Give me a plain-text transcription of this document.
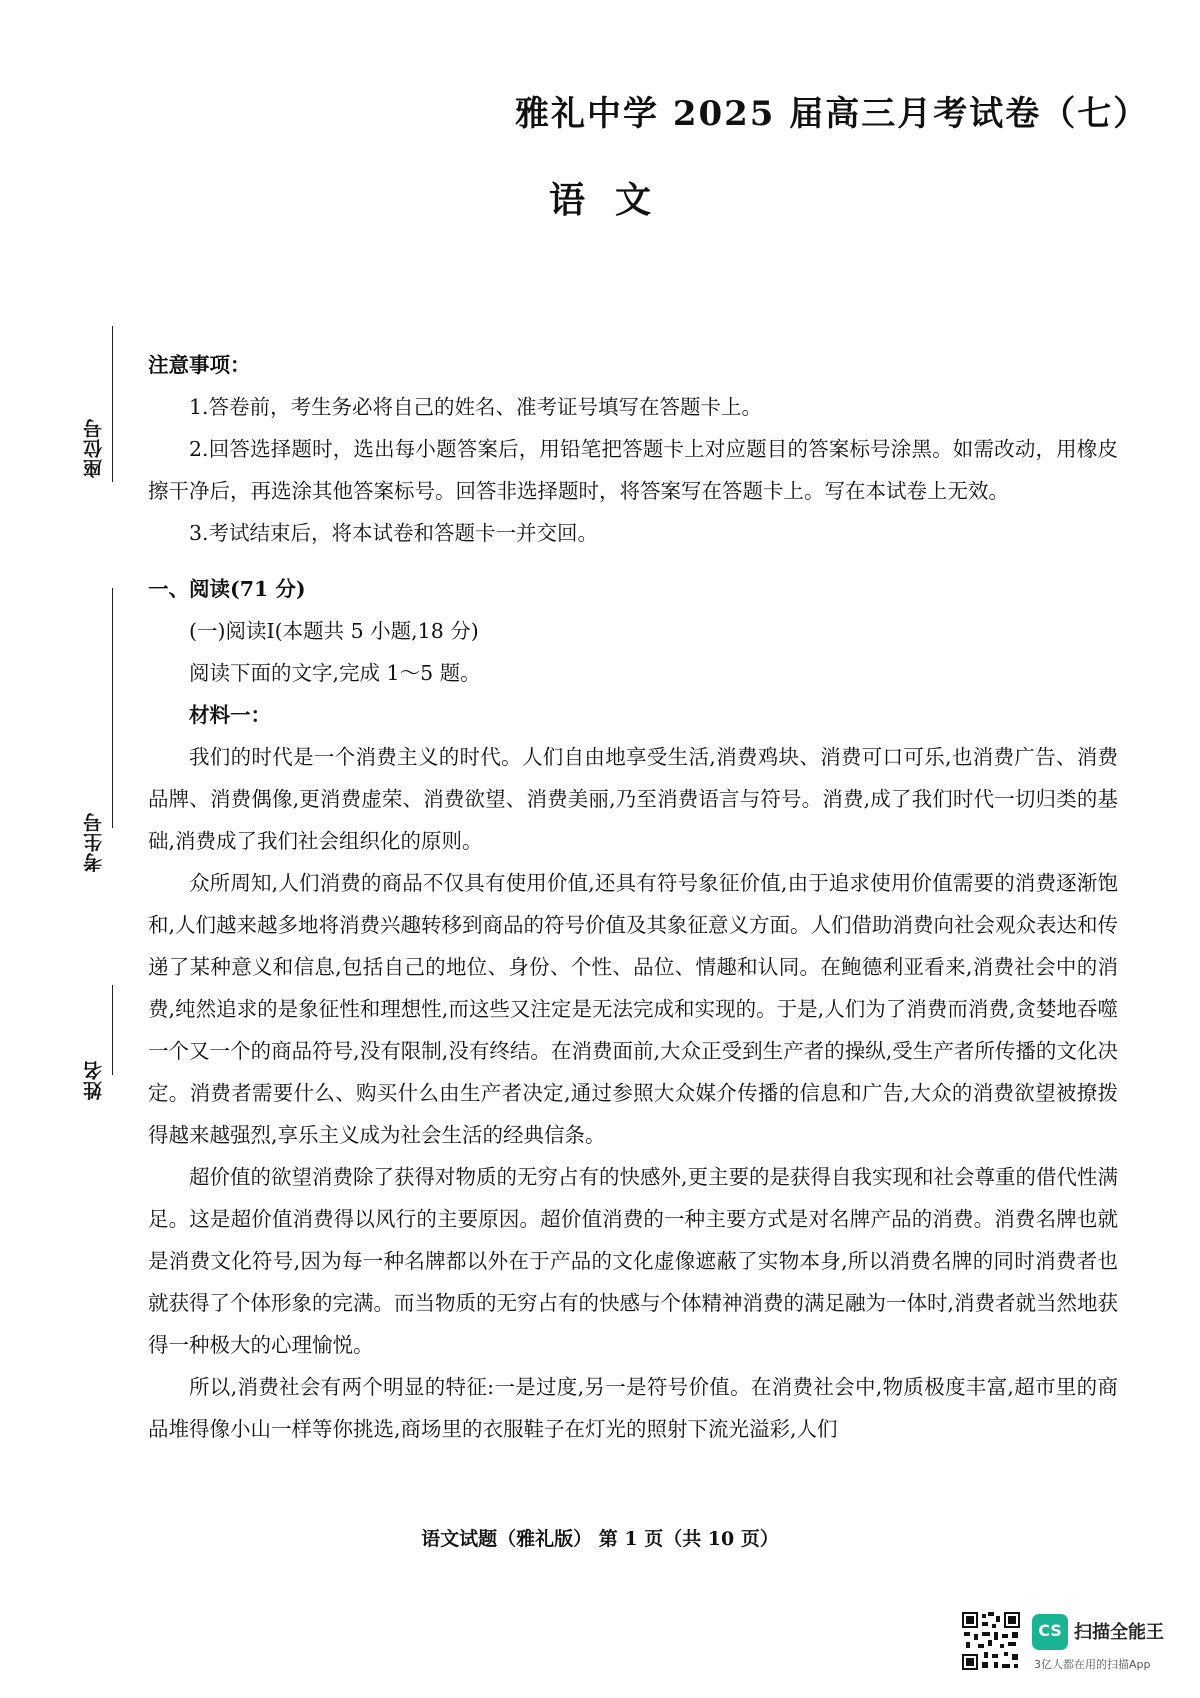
雅礼中学 2025 届高三月考试卷（七）
语文
座位号
考生号
姓名

注意事项：

1.答卷前，考生务必将自己的姓名、准考证号填写在答题卡上。

2.回答选择题时，选出每小题答案后，用铅笔把答题卡上对应题目的答案标号涂黑。如需改动，用橡皮擦干净后，再选涂其他答案标号。回答非选择题时，将答案写在答题卡上。写在本试卷上无效。

3.考试结束后，将本试卷和答题卡一并交回。

一、阅读(71 分)

(一)阅读Ⅰ(本题共 5 小题,18 分)

阅读下面的文字,完成 1～5 题。

材料一：

我们的时代是一个消费主义的时代。人们自由地享受生活,消费鸡块、消费可口可乐,也消费广告、消费品牌、消费偶像,更消费虚荣、消费欲望、消费美丽,乃至消费语言与符号。消费,成了我们时代一切归类的基础,消费成了我们社会组织化的原则。

众所周知,人们消费的商品不仅具有使用价值,还具有符号象征价值,由于追求使用价值需要的消费逐渐饱和,人们越来越多地将消费兴趣转移到商品的符号价值及其象征意义方面。人们借助消费向社会观众表达和传递了某种意义和信息,包括自己的地位、身份、个性、品位、情趣和认同。在鲍德利亚看来,消费社会中的消费,纯然追求的是象征性和理想性,而这些又注定是无法完成和实现的。于是,人们为了消费而消费,贪婪地吞噬一个又一个的商品符号,没有限制,没有终结。在消费面前,大众正受到生产者的操纵,受生产者所传播的文化决定。消费者需要什么、购买什么由生产者决定,通过参照大众媒介传播的信息和广告,大众的消费欲望被撩拨得越来越强烈,享乐主义成为社会生活的经典信条。

超价值的欲望消费除了获得对物质的无穷占有的快感外,更主要的是获得自我实现和社会尊重的借代性满足。这是超价值消费得以风行的主要原因。超价值消费的一种主要方式是对名牌产品的消费。消费名牌也就是消费文化符号,因为每一种名牌都以外在于产品的文化虚像遮蔽了实物本身,所以消费名牌的同时消费者也就获得了个体形象的完满。而当物质的无穷占有的快感与个体精神消费的满足融为一体时,消费者就当然地获得一种极大的心理愉悦。

所以,消费社会有两个明显的特征:一是过度,另一是符号价值。在消费社会中,物质极度丰富,超市里的商品堆得像小山一样等你挑选,商场里的衣服鞋子在灯光的照射下流光溢彩,人们

语文试题（雅礼版） 第 1 页（共 10 页）
CS 扫描全能王
3亿人都在用的扫描App
